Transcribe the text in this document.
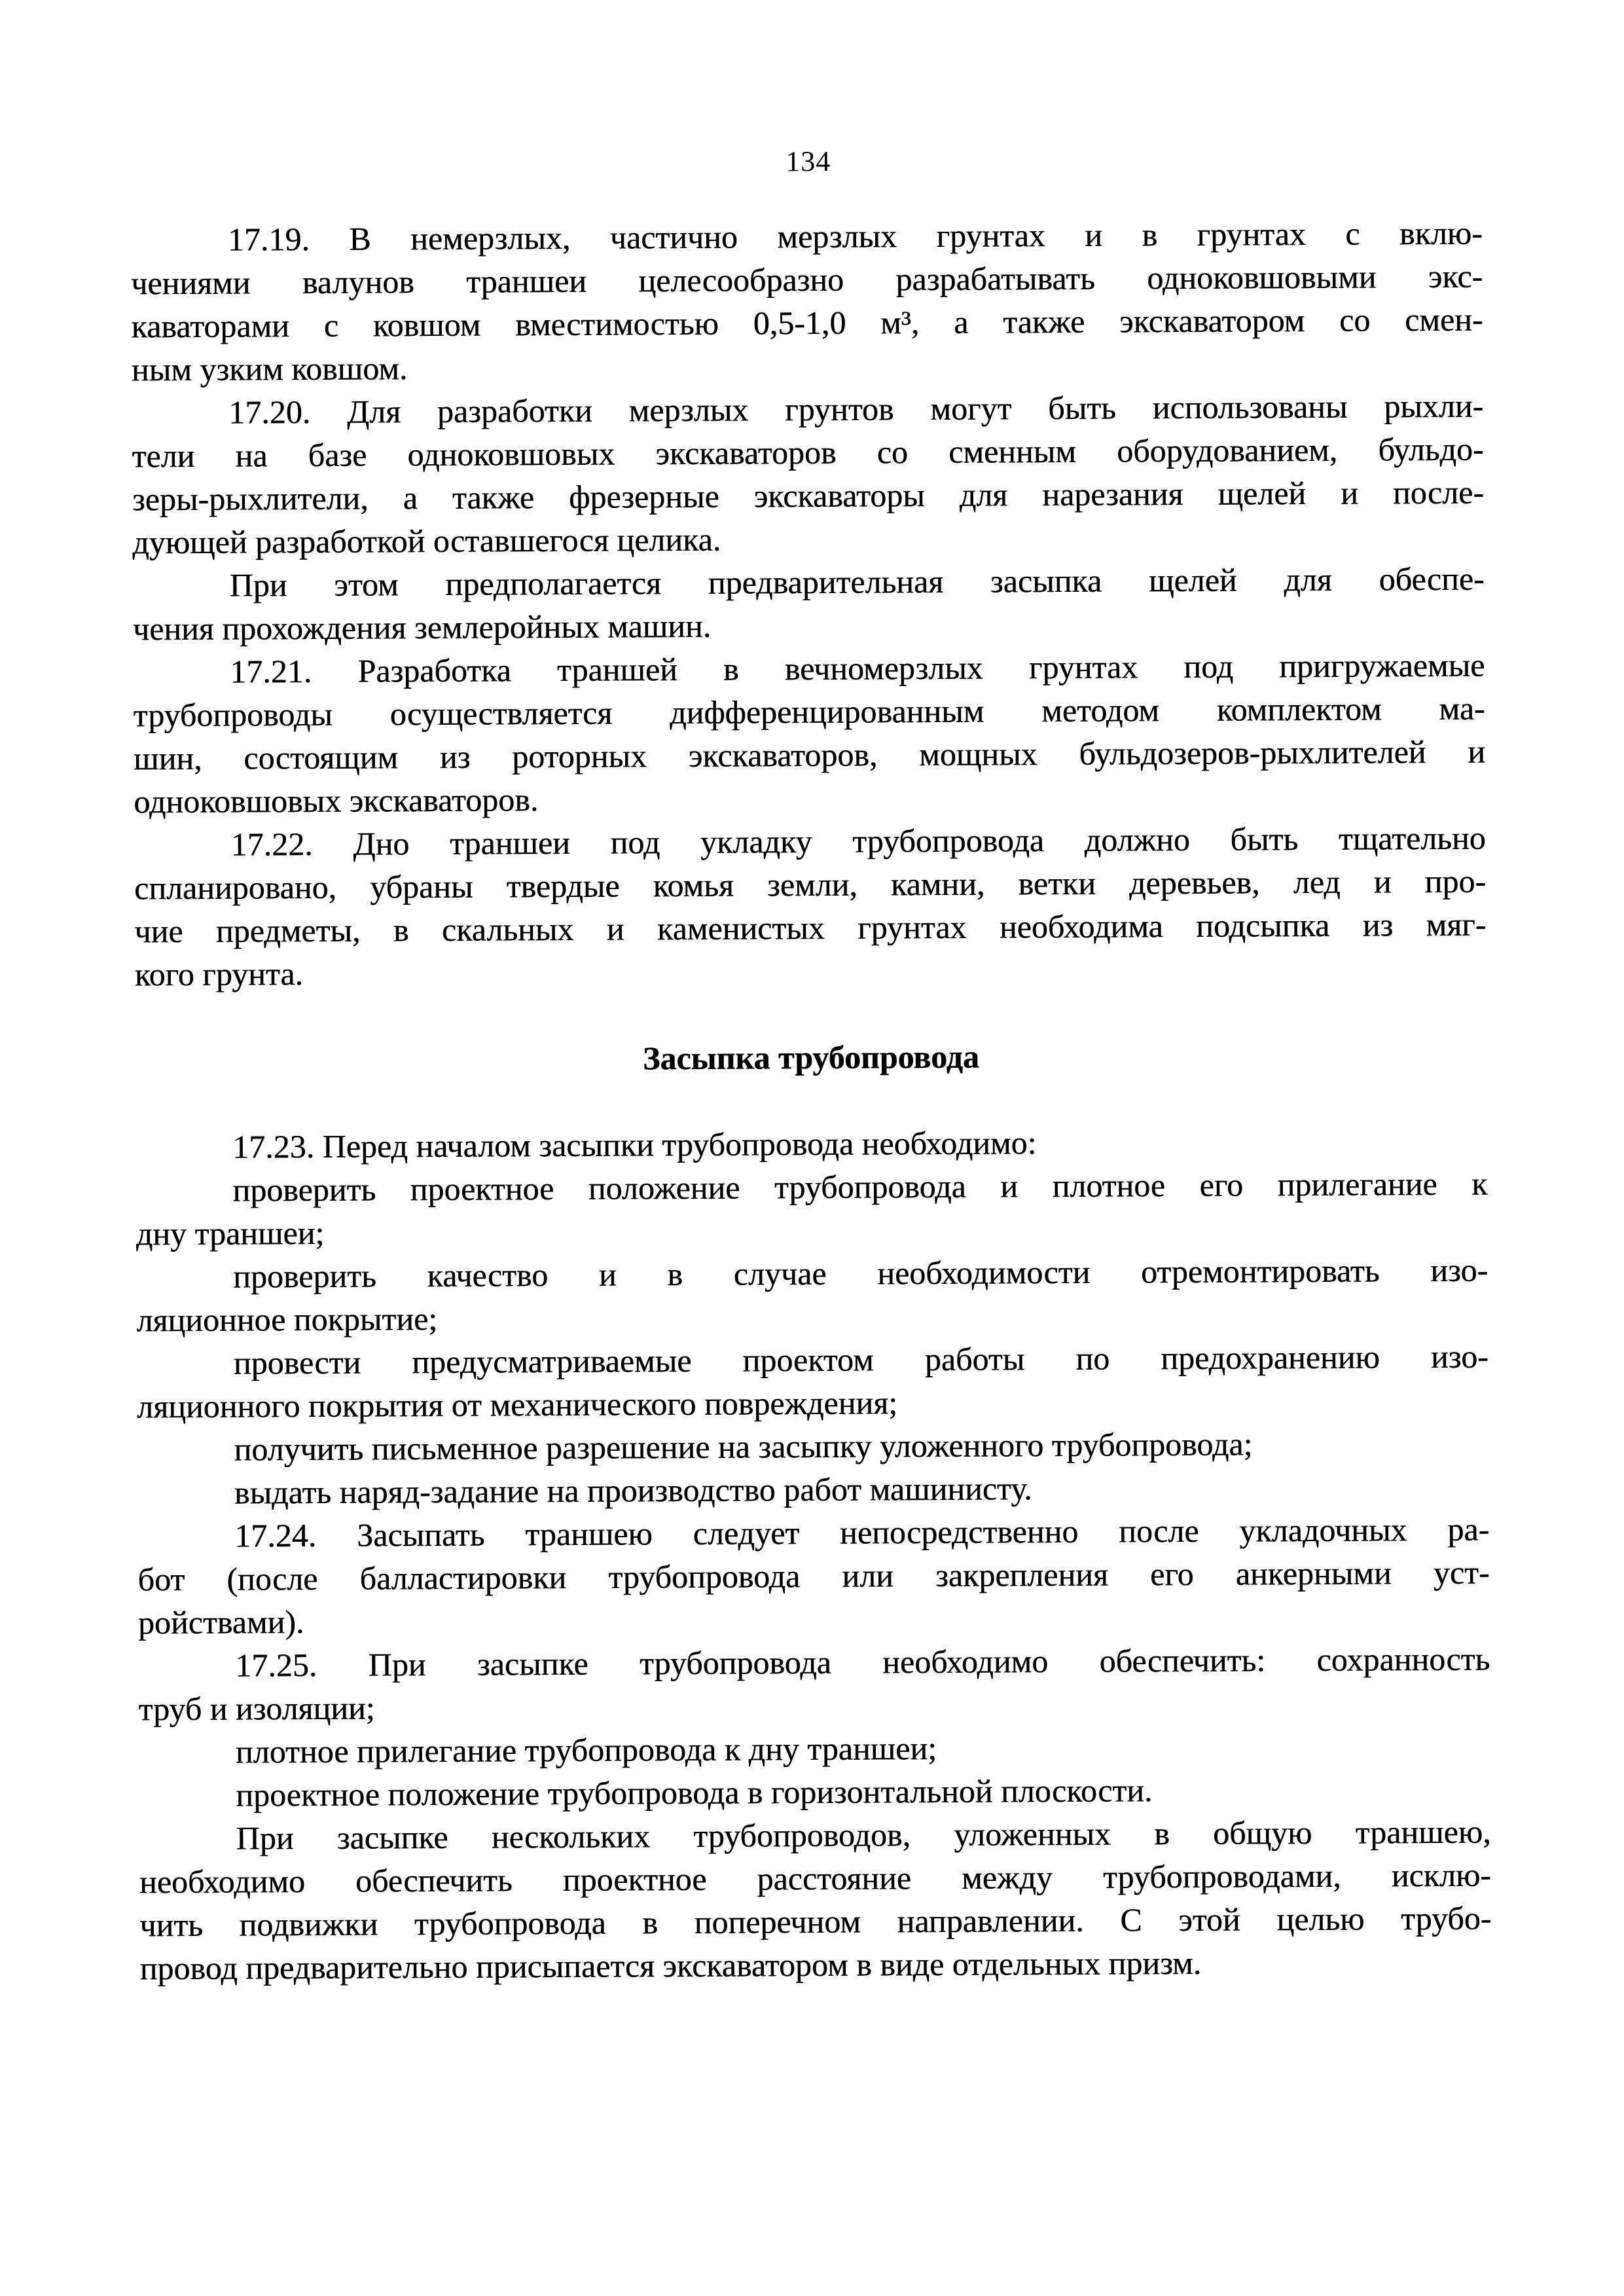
134
17.19. В немерзлых, частично мерзлых грунтах и в грунтах с вклю-
чениями валунов траншеи целесообразно разрабатывать одноковшовыми экс-
каваторами с ковшом вместимостью 0,5-1,0 м³, а также экскаватором со смен-
ным узким ковшом.
17.20. Для разработки мерзлых грунтов могут быть использованы рыхли-
тели на базе одноковшовых экскаваторов со сменным оборудованием, бульдо-
зеры-рыхлители, а также фрезерные экскаваторы для нарезания щелей и после-
дующей разработкой оставшегося целика.
При этом предполагается предварительная засыпка щелей для обеспе-
чения прохождения землеройных машин.
17.21. Разработка траншей в вечномерзлых грунтах под пригружаемые
трубопроводы осуществляется дифференцированным методом комплектом ма-
шин, состоящим из роторных экскаваторов, мощных бульдозеров-рыхлителей и
одноковшовых экскаваторов.
17.22. Дно траншеи под укладку трубопровода должно быть тщательно
спланировано, убраны твердые комья земли, камни, ветки деревьев, лед и про-
чие предметы, в скальных и каменистых грунтах необходима подсыпка из мяг-
кого грунта.
Засыпка трубопровода
17.23. Перед началом засыпки трубопровода необходимо:
проверить проектное положение трубопровода и плотное его прилегание к
дну траншеи;
проверить качество и в случае необходимости отремонтировать изо-
ляционное покрытие;
провести предусматриваемые проектом работы по предохранению изо-
ляционного покрытия от механического повреждения;
получить письменное разрешение на засыпку уложенного трубопровода;
выдать наряд-задание на производство работ машинисту.
17.24. Засыпать траншею следует непосредственно после укладочных ра-
бот (после балластировки трубопровода или закрепления его анкерными уст-
ройствами).
17.25. При засыпке трубопровода необходимо обеспечить: сохранность
труб и изоляции;
плотное прилегание трубопровода к дну траншеи;
проектное положение трубопровода в горизонтальной плоскости.
При засыпке нескольких трубопроводов, уложенных в общую траншею,
необходимо обеспечить проектное расстояние между трубопроводами, исклю-
чить подвижки трубопровода в поперечном направлении. С этой целью трубо-
провод предварительно присыпается экскаватором в виде отдельных призм.
